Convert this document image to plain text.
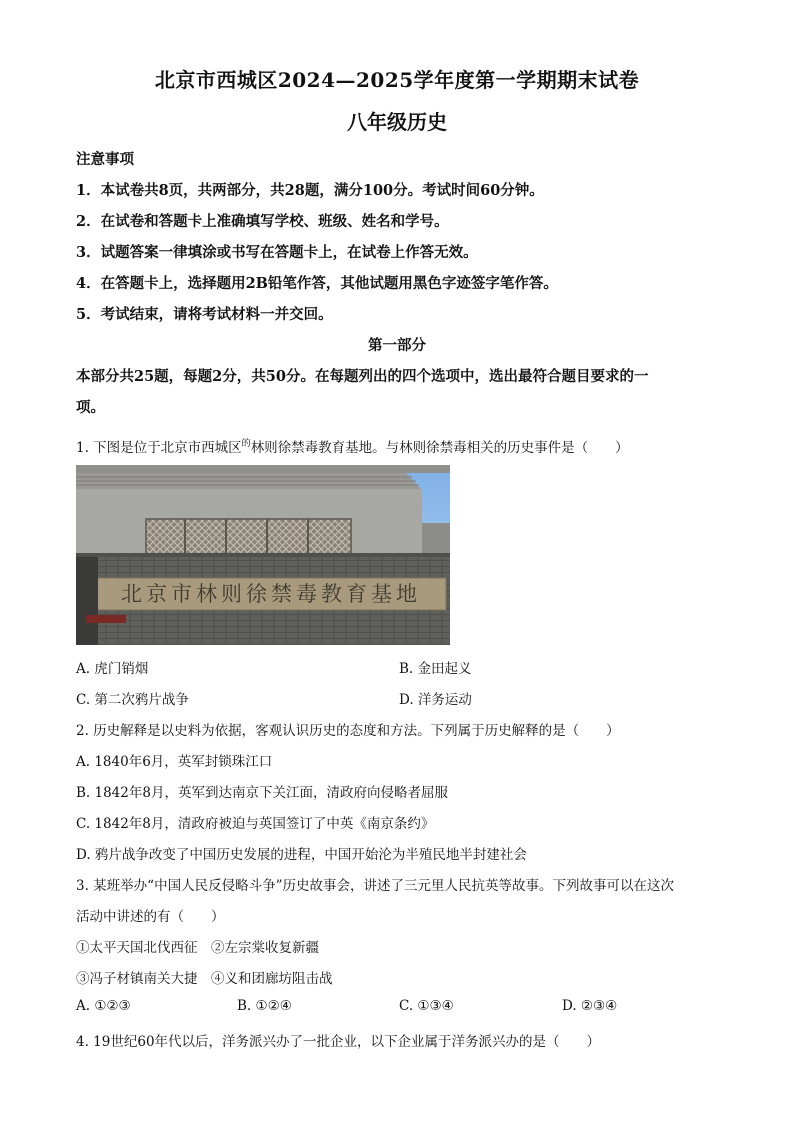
北京市西城区2024—2025学年度第一学期期末试卷
八年级历史
注意事项
1．本试卷共8页，共两部分，共28题，满分100分。考试时间60分钟。
2．在试卷和答题卡上准确填写学校、班级、姓名和学号。
3．试题答案一律填涂或书写在答题卡上，在试卷上作答无效。
4．在答题卡上，选择题用2B铅笔作答，其他试题用黑色字迹签字笔作答。
5．考试结束，请将考试材料一并交回。
第一部分
本部分共25题，每题2分，共50分。在每题列出的四个选项中，选出最符合题目要求的一
项。
1. 下图是位于北京市西城区$^的$林则徐禁毒教育基地。与林则徐禁毒相关的历史事件是（　　）
北京市林则徐禁毒教育基地
A. 虎门销烟	B. 金田起义
C. 第二次鸦片战争	D. 洋务运动
2. 历史解释是以史料为依据，客观认识历史的态度和方法。下列属于历史解释的是（　　）
A. 1840年6月，英军封锁珠江口
B. 1842年8月，英军到达南京下关江面，清政府向侵略者屈服
C. 1842年8月，清政府被迫与英国签订了中英《南京条约》
D. 鸦片战争改变了中国历史发展的进程，中国开始沦为半殖民地半封建社会
3. 某班举办“中国人民反侵略斗争”历史故事会，讲述了三元里人民抗英等故事。下列故事可以在这次
活动中讲述的有（　　）
①太平天国北伐西征　②左宗棠收复新疆
③冯子材镇南关大捷　④义和团廊坊阻击战
A. ①②③	B. ①②④	C. ①③④	D. ②③④
4. 19世纪60年代以后，洋务派兴办了一批企业，以下企业属于洋务派兴办的是（　　）
